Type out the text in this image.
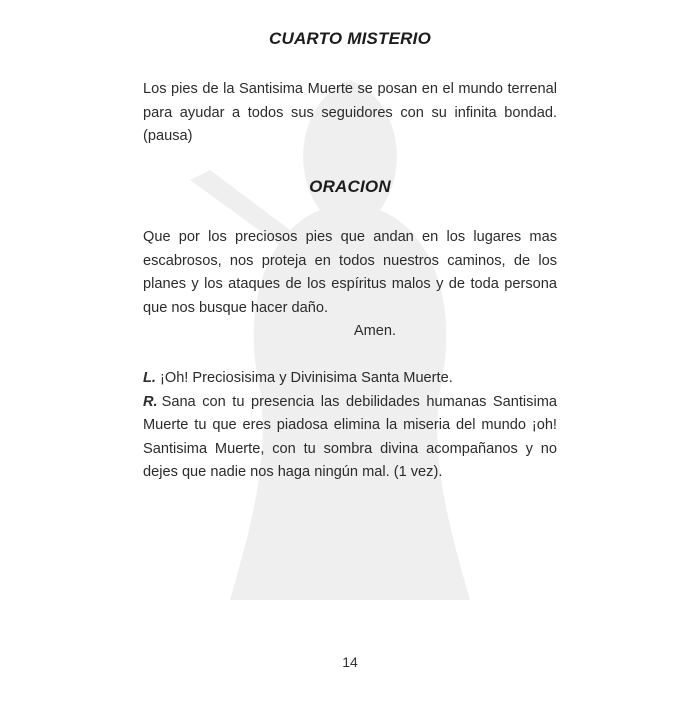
CUARTO MISTERIO

Los pies de la Santisima Muerte se posan en el mundo terrenal para ayudar a todos sus seguidores con su infinita bondad. (pausa)

ORACION

Que por los preciosos pies que andan en los lugares mas escabrosos, nos proteja en todos nuestros caminos, de los planes y los ataques de los espíritus malos y de toda persona que nos busque hacer daño.

Amen.

L. ¡Oh! Preciosisima y Divinisima Santa Muerte.
R. Sana con tu presencia las debilidades humanas Santisima Muerte tu que eres piadosa elimina la miseria del mundo ¡oh! Santisima Muerte, con tu sombra divina acompañanos y no dejes que nadie nos haga ningún mal. (1 vez).

14
